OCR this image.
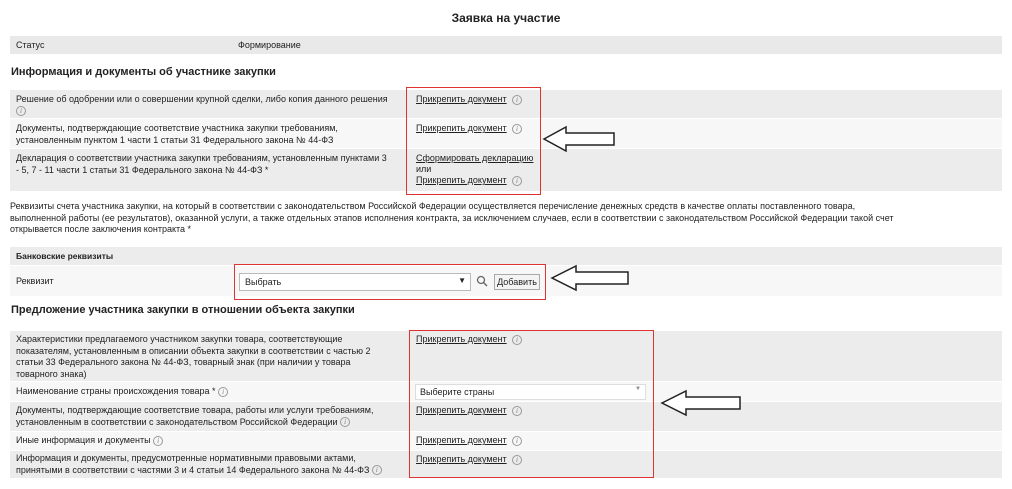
Заявка на участие
Статус	Формирование
Информация и документы об участнике закупки
Решение об одобрении или о совершении крупной сделки, либо копия данного решения
i
Прикрепить документ	i
Документы, подтверждающие соответствие участника закупки требованиям,
установленным пунктом 1 части 1 статьи 31 Федерального закона № 44-ФЗ
Прикрепить документ	i
Декларация о соответствии участника закупки требованиям, установленным пунктами 3
- 5, 7 - 11 части 1 статьи 31 Федерального закона № 44-ФЗ *
Сформировать декларацию
или
Прикрепить документ	i
Реквизиты счета участника закупки, на который в соответствии с законодательством Российской Федерации осуществляется перечисление денежных средств в качестве оплаты поставленного товара,
выполненной работы (ее результатов), оказанной услуги, а также отдельных этапов исполнения контракта, за исключением случаев, если в соответствии с законодательством Российской Федерации такой счет
открывается после заключения контракта *
Банковские реквизиты
Реквизит	Выбрать	▼	Добавить
Предложение участника закупки в отношении объекта закупки
Характеристики предлагаемого участником закупки товара, соответствующие
показателям, установленным в описании объекта закупки в соответствии с частью 2
статьи 33 Федерального закона № 44-ФЗ, товарный знак (при наличии у товара
товарного знака)
Прикрепить документ	i
Наименование страны происхождения товара * i	Выберите страны	▼
Документы, подтверждающие соответствие товара, работы или услуги требованиям,
установленным в соответствии с законодательством Российской Федерации i
Прикрепить документ	i
Иные информация и документы i	Прикрепить документ	i
Информация и документы, предусмотренные нормативными правовыми актами,
принятыми в соответствии с частями 3 и 4 статьи 14 Федерального закона № 44-ФЗ i
Прикрепить документ	i
